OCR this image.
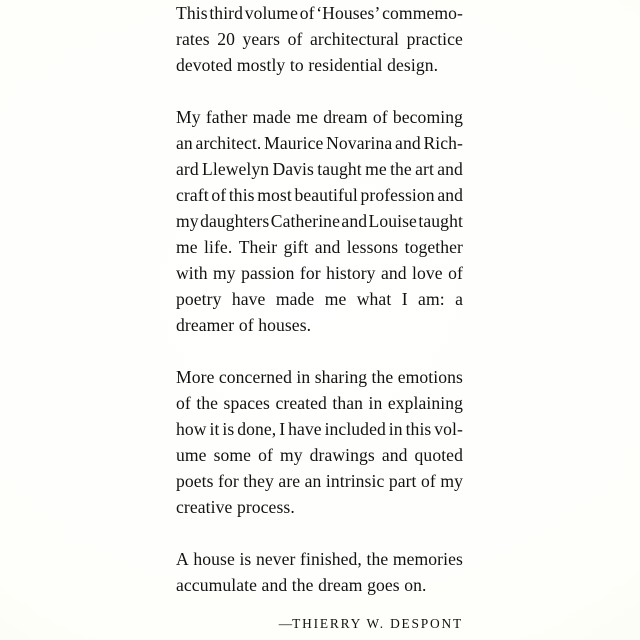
This third volume of ‘Houses’ commemo-
rates 20 years of architectural practice
devoted mostly to residential design.

My father made me dream of becoming
an architect. Maurice Novarina and Rich-
ard Llewelyn Davis taught me the art and
craft of this most beautiful profession and
my daughters Catherine and Louise taught
me life. Their gift and lessons together
with my passion for history and love of
poetry have made me what I am: a
dreamer of houses.

More concerned in sharing the emotions
of the spaces created than in explaining
how it is done, I have included in this vol-
ume some of my drawings and quoted
poets for they are an intrinsic part of my
creative process.

A house is never finished, the memories
accumulate and the dream goes on.

—THIERRY W. DESPONT
